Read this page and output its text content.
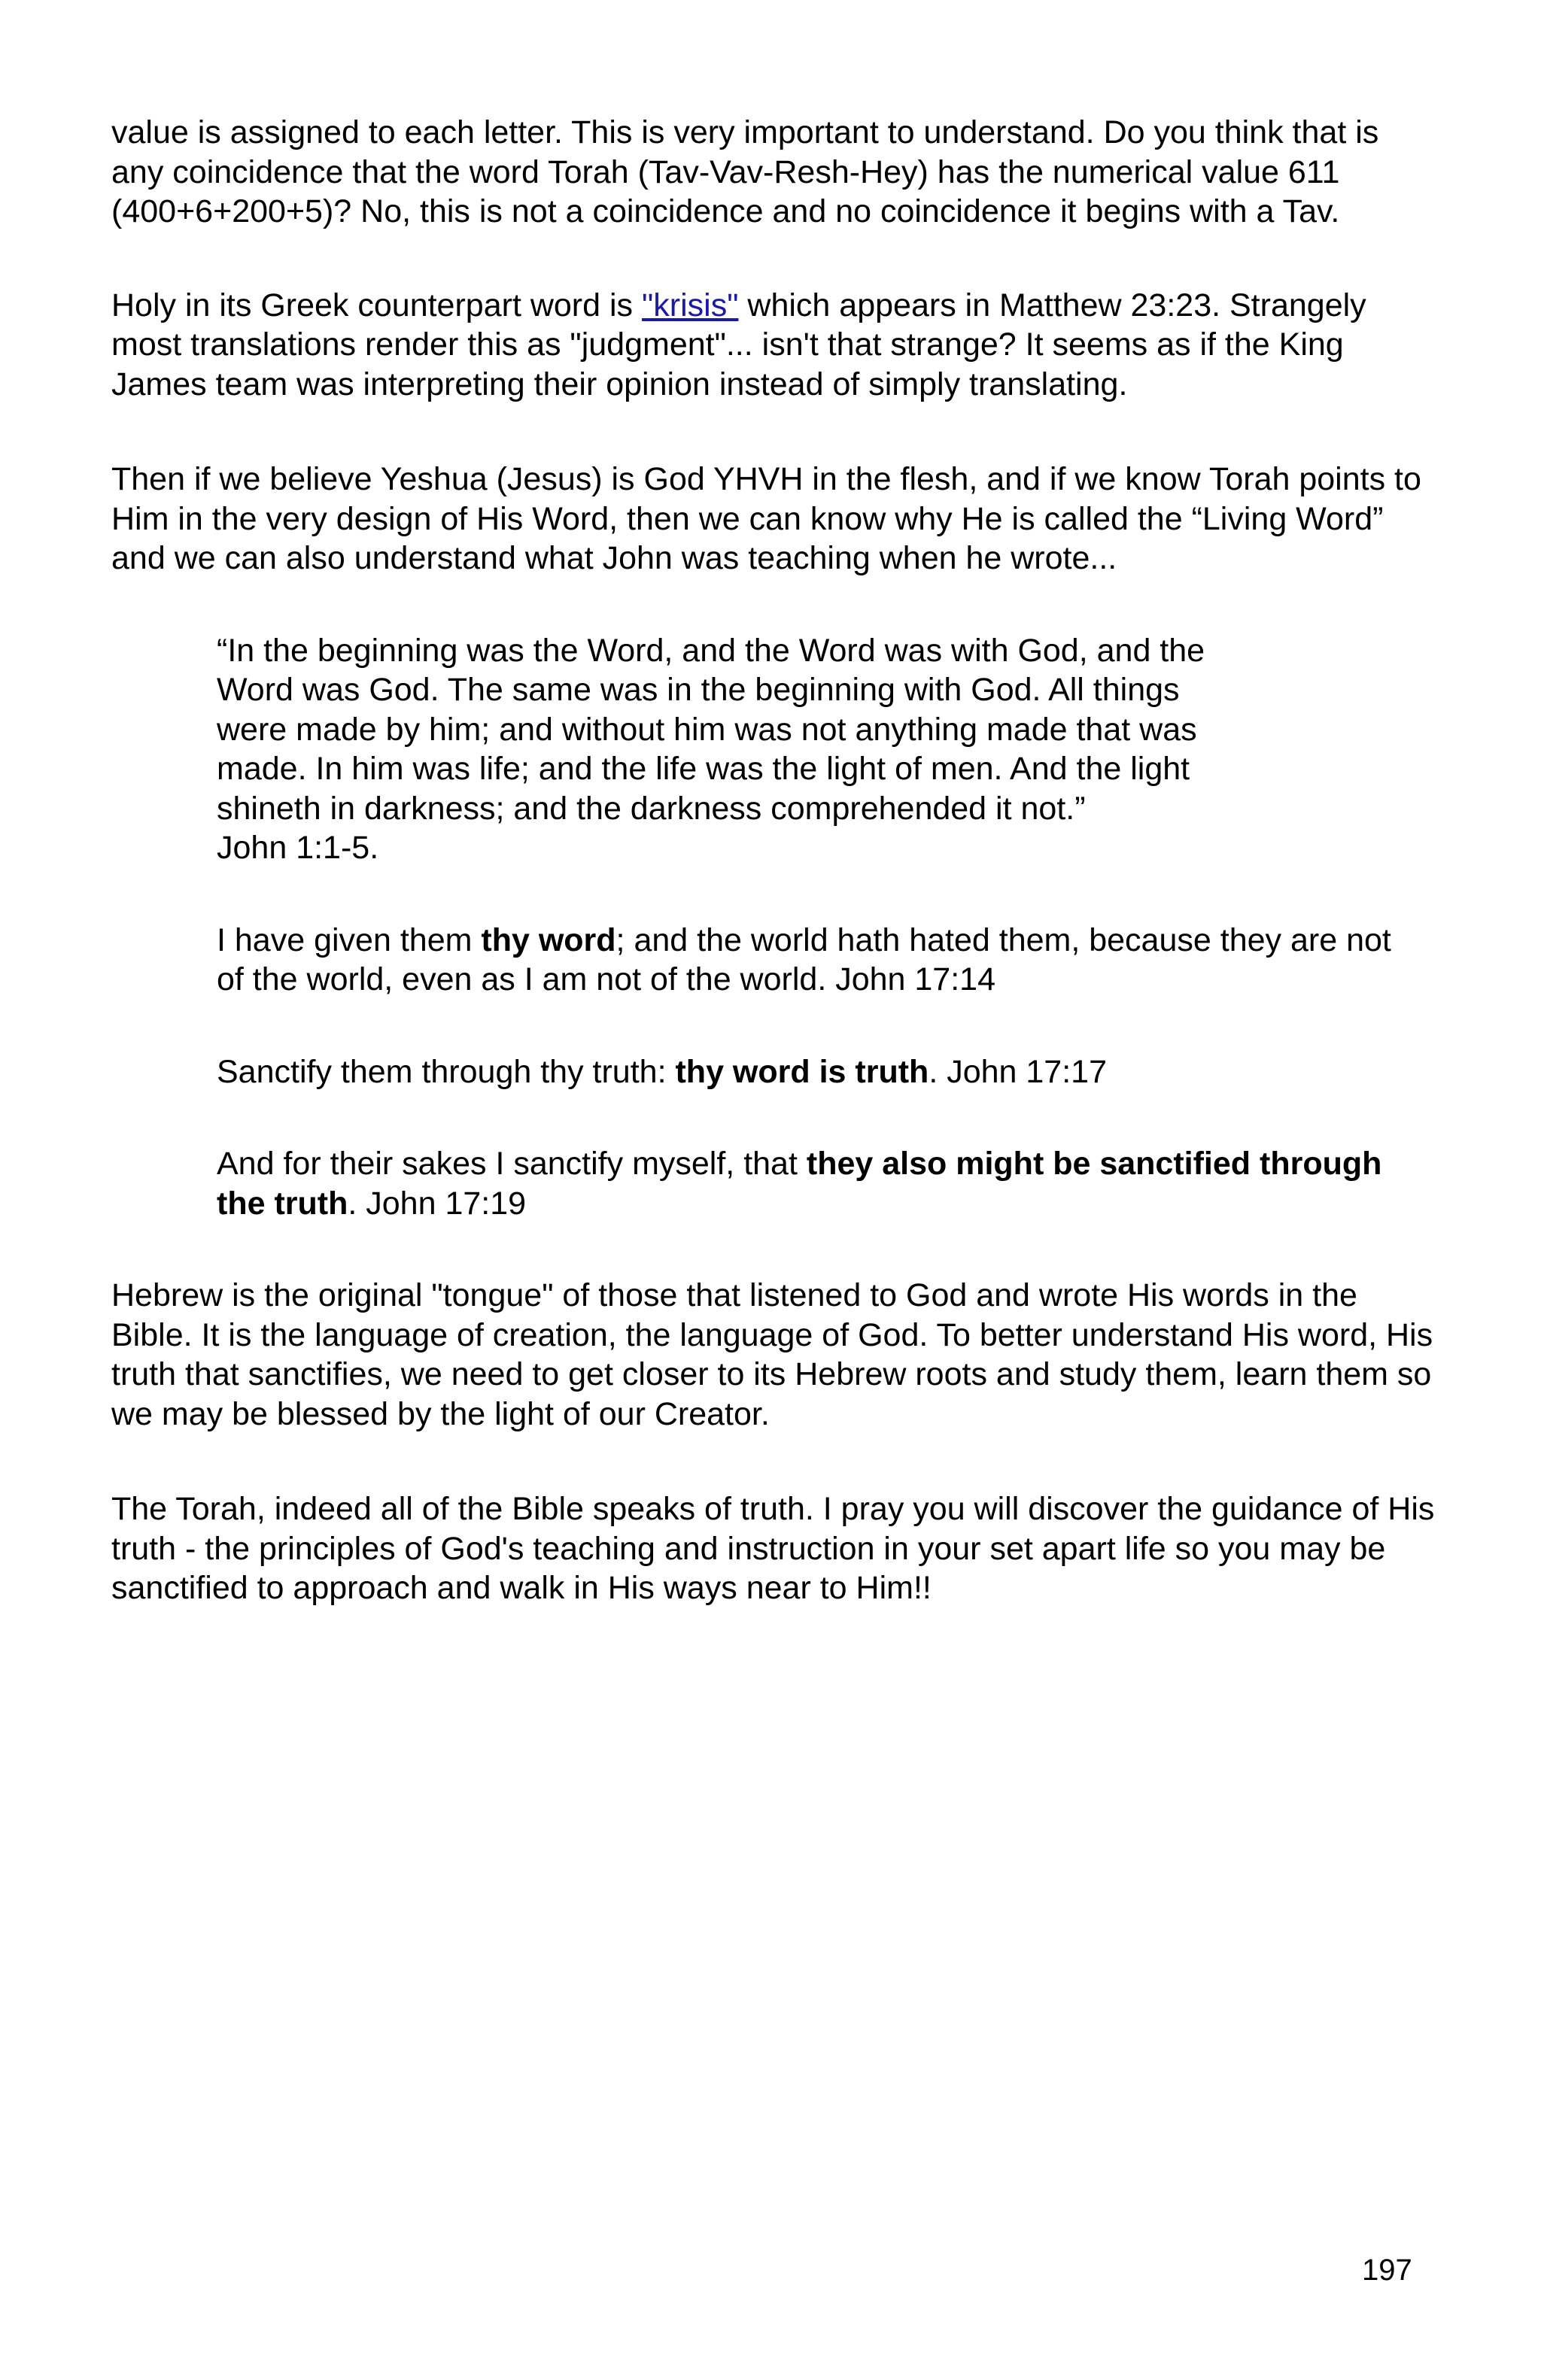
value is assigned to each letter. This is very important to understand. Do you think that is any coincidence that the word Torah (Tav-Vav-Resh-Hey) has the numerical value 611 (400+6+200+5)? No, this is not a coincidence and no coincidence it begins with a Tav.

Holy in its Greek counterpart word is "krisis" which appears in Matthew 23:23. Strangely most translations render this as "judgment"... isn't that strange? It seems as if the King James team was interpreting their opinion instead of simply translating.

Then if we believe Yeshua (Jesus) is God YHVH in the flesh, and if we know Torah points to Him in the very design of His Word, then we can know why He is called the “Living Word” and we can also understand what John was teaching when he wrote...

“In the beginning was the Word, and the Word was with God, and the
Word was God. The same was in the beginning with God. All things
were made by him; and without him was not anything made that was
made. In him was life; and the life was the light of men. And the light
shineth in darkness; and the darkness comprehended it not.”
John 1:1-5.

I have given them thy word; and the world hath hated them, because they are not of the world, even as I am not of the world. John 17:14

Sanctify them through thy truth: thy word is truth. John 17:17

And for their sakes I sanctify myself, that they also might be sanctified through the truth. John 17:19

Hebrew is the original "tongue" of those that listened to God and wrote His words in the Bible. It is the language of creation, the language of God. To better understand His word, His truth that sanctifies, we need to get closer to its Hebrew roots and study them, learn them so we may be blessed by the light of our Creator.

The Torah, indeed all of the Bible speaks of truth. I pray you will discover the guidance of His truth - the principles of God's teaching and instruction in your set apart life so you may be sanctified to approach and walk in His ways near to Him!!

197
